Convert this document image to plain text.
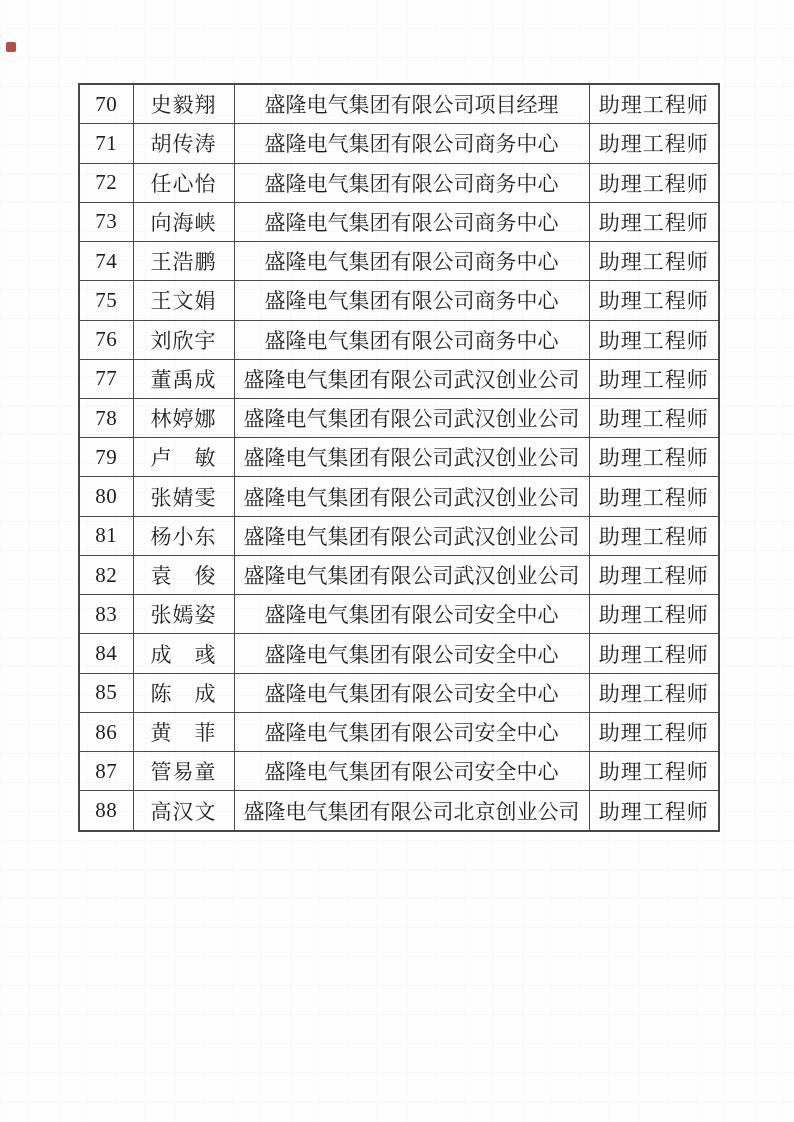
70	史毅翔	盛隆电气集团有限公司项目经理	助理工程师
71	胡传涛	盛隆电气集团有限公司商务中心	助理工程师
72	任心怡	盛隆电气集团有限公司商务中心	助理工程师
73	向海峡	盛隆电气集团有限公司商务中心	助理工程师
74	王浩鹏	盛隆电气集团有限公司商务中心	助理工程师
75	王文娟	盛隆电气集团有限公司商务中心	助理工程师
76	刘欣宇	盛隆电气集团有限公司商务中心	助理工程师
77	董禹成	盛隆电气集团有限公司武汉创业公司	助理工程师
78	林婷娜	盛隆电气集团有限公司武汉创业公司	助理工程师
79	卢　敏	盛隆电气集团有限公司武汉创业公司	助理工程师
80	张婧雯	盛隆电气集团有限公司武汉创业公司	助理工程师
81	杨小东	盛隆电气集团有限公司武汉创业公司	助理工程师
82	袁　俊	盛隆电气集团有限公司武汉创业公司	助理工程师
83	张嫣姿	盛隆电气集团有限公司安全中心	助理工程师
84	成　彧	盛隆电气集团有限公司安全中心	助理工程师
85	陈　成	盛隆电气集团有限公司安全中心	助理工程师
86	黄　菲	盛隆电气集团有限公司安全中心	助理工程师
87	管易童	盛隆电气集团有限公司安全中心	助理工程师
88	高汉文	盛隆电气集团有限公司北京创业公司	助理工程师
